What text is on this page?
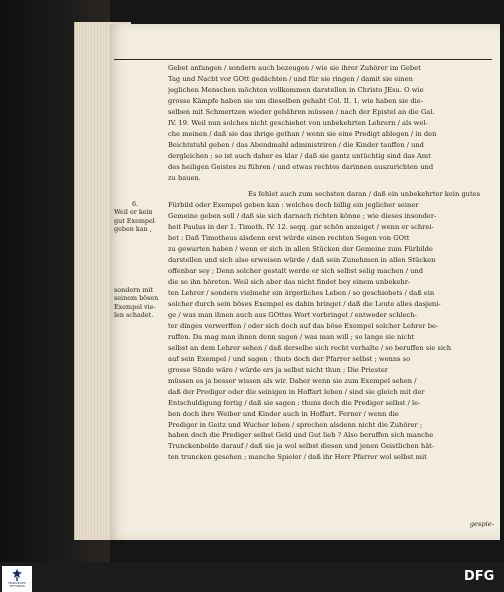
Gebet anfangen / sondern auch bezeugen / wie sie ihrer Zuhörer im Gebet
Tag und Nacht vor GOtt gedächten / und für sie ringen / damit sie einen
jeglichen Menschen möchten vollkommen darstellen in Christo JEsu. O wie
grosse Kämpfe haben sie um dieselben gehabt Col. II. 1. wie haben sie die-
selben mit Schmertzen wieder gebähren müssen / nach der Epistel an die Gal.
IV. 19. Weil nun solches nicht geschiehet von unbekehrten Lehrern / als wel-
che meinen / daß sie das ihrige gethan / wenn sie eine Predigt ablegen / in den
Beichtstuhl gehen / das Abendmahl administriren / die Kinder tauffen / und
dergleichen ; so ist auch daher es klar / daß sie gantz untüchtig sind das Amt
des heiligen Geistes zu führen / und etwas rechtes darinnen auszurichten und
zu bauen.
Es fehlet auch zum sechsten daran / daß ein unbekehrter kein gutes
Fürbild oder Exempel geben kan : welches doch billig ein jeglicher seiner
Gemeine geben soll / daß sie sich darnach richten könne ; wie dieses insonder-
heit Paulus in der 1. Timoth. IV. 12. seqq. gar schön anzeiget / wenn er schrei-
bet : Daß Timotheus alsdenn erst würde einen rechten Segen von GOtt
zu gewarten haben / wenn er sich in allen Stücken der Gemeine zum Fürbilde
darstellen und sich also erweisen würde / daß sein Zunehmen in allen Stücken
offenbar sey ; Denn solcher gestalt werde er sich selbst selig machen / und
die so ihn höreten. Weil sich aber das nicht findet bey einem unbekehr-
ten Lehrer / sondern vielmehr ein ärgerliches Leben / so geschiehets / daß ein
solcher durch sein böses Exempel es dahin bringet / daß die Leute alles dasjeni-
ge / was man ihnen auch aus GOttes Wort vorbringet / entweder schlech-
ter dinges verwerffen / oder sich doch auf das böse Exempel solcher Lehrer be-
ruffen. Da mag man ihnen denn sagen / was man will ; so lange sie nicht
selbst an dem Lehrer sehen / daß derselbe sich recht verhalte / so beruffen sie sich
auf sein Exempel / und sagen : thuts doch der Pfarrer selbst ; wenns so
grosse Sünde wäre / würde ers ja selbst nicht thun ; Die Priester
müssen es ja besser wissen als wir. Daher wenn sie zum Exempel sehen /
daß der Prediger oder die seinigen in Hoffart leben / sind sie gleich mit der
Entschuldigung fertig / daß sie sagen : thuns doch die Prediger selbst / le-
ben doch ihre Weiber und Kinder auch in Hoffart. Ferner / wenn die
Prediger in Geitz und Wucher leben / sprechen alsdenn nicht die Zuhörer ;
haben doch die Prediger selbst Geld und Gut lieb ? Also beruffen sich manche
Trunckenbolde darauf / daß sie ja wol selbst diesen und jenen Geistlichen hät-
ten truncken gesehen ; manche Spieler / daß ihr Herr Pfarrer wol selbst mit
6.
Weil er kein
gut Exempel
geben kan ,
sondern mit
seinem bösen
Exempel vie-
len schadet.
gespie-
FRANCKESCHE STIFTUNGEN
DFG
